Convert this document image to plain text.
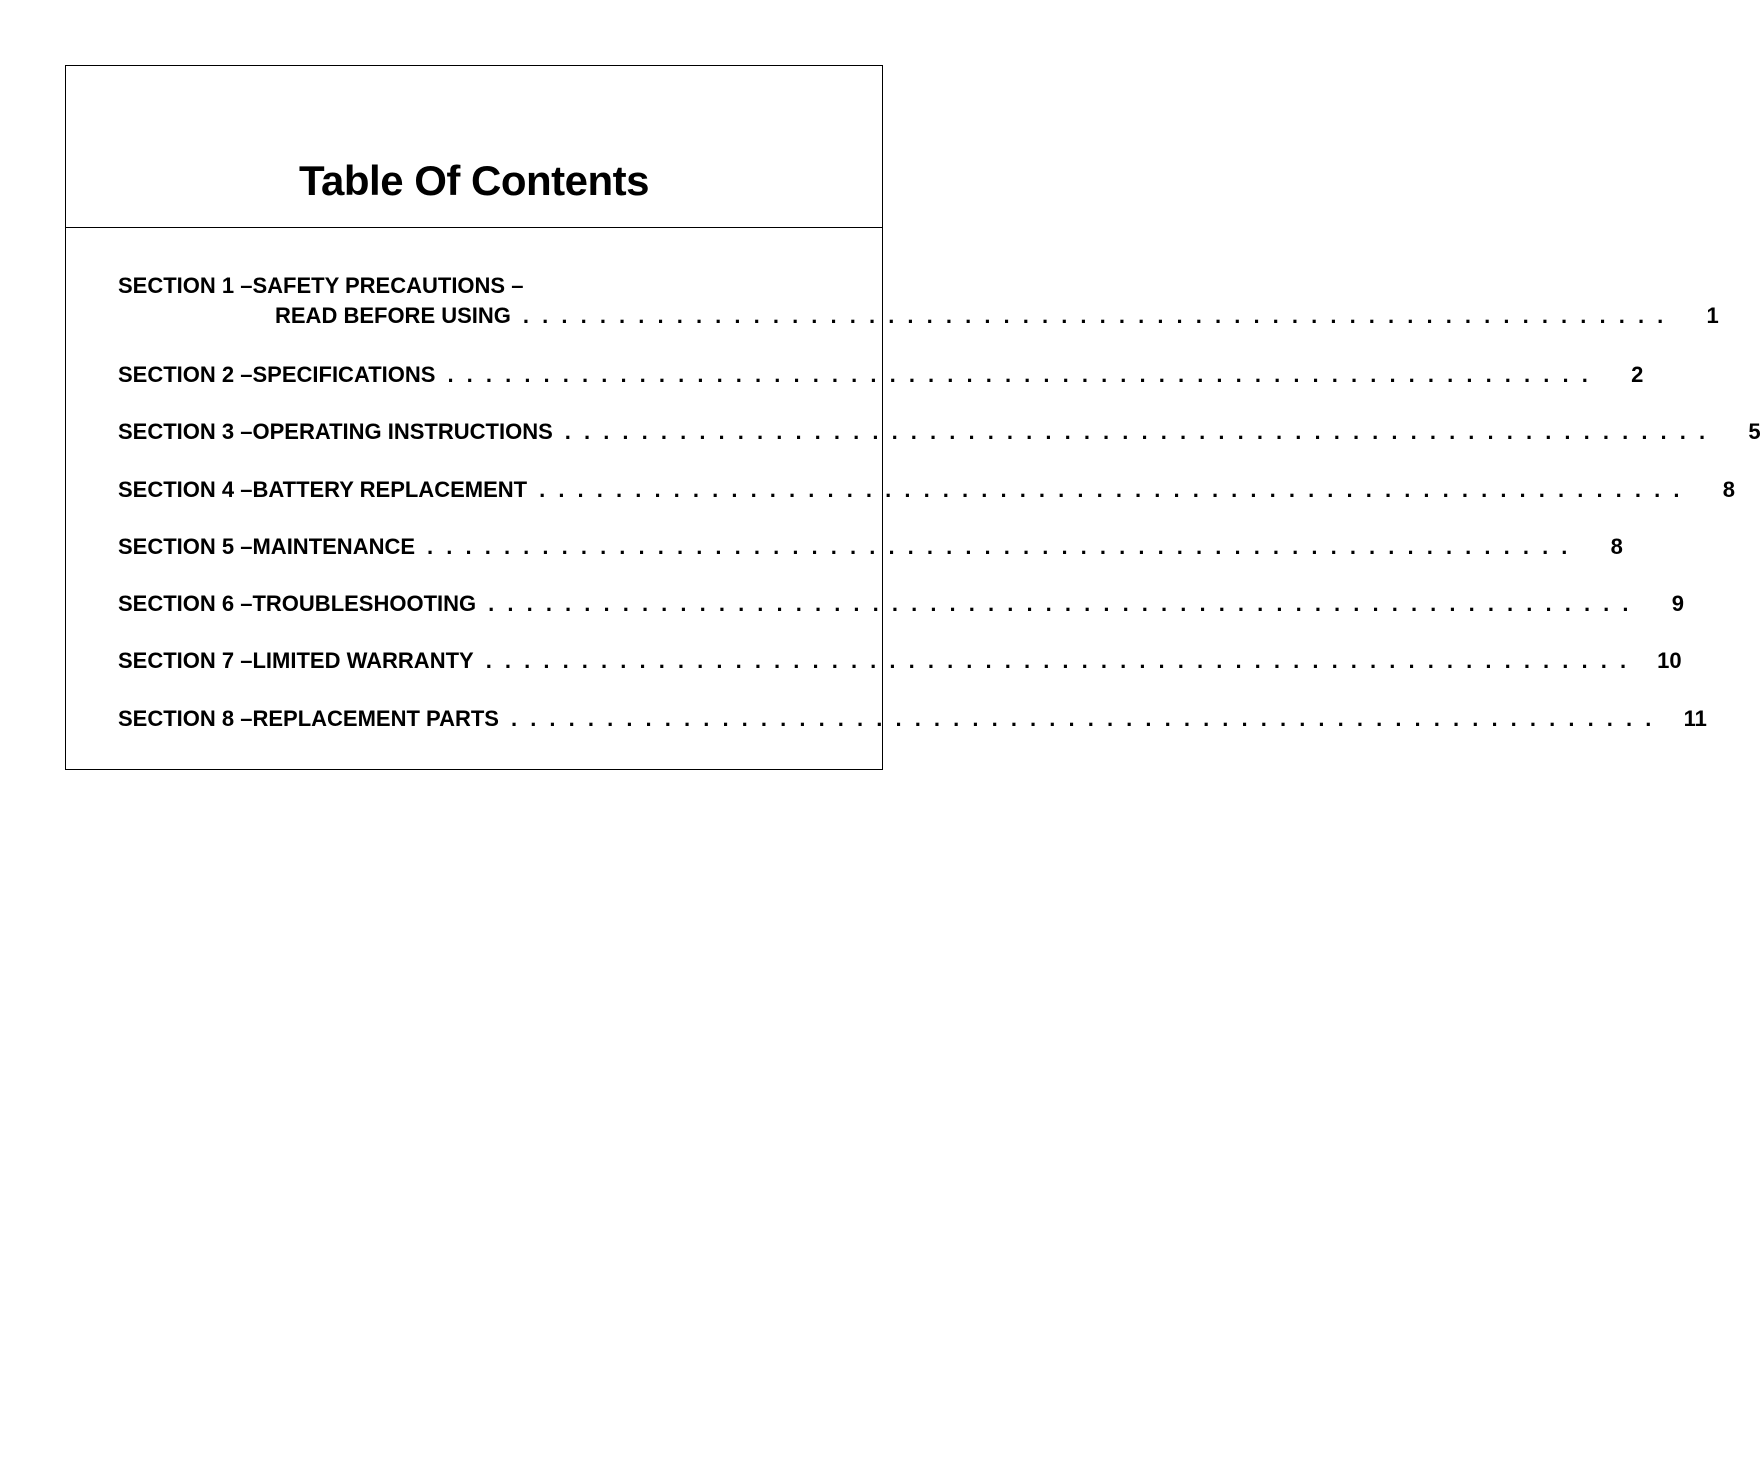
Table Of Contents
SECTION 1 – SAFETY PRECAUTIONS –
READ BEFORE USING . . . . . . . . . . . . . . . . . . . . . . . . . . . . . . . . . . . . . . . . . . . . . . . . . . . . . . . . . . . .	1
SECTION 2 – SPECIFICATIONS . . . . . . . . . . . . . . . . . . . . . . . . . . . . . . . . . . . . . . . . . . . . . . . . . . . . . . . . . . . .	2
SECTION 3 – OPERATING INSTRUCTIONS . . . . . . . . . . . . . . . . . . . . . . . . . . . . . . . . . . . . . . . . . . . . . . . . . . . . . . . . . . . .	5
SECTION 4 – BATTERY REPLACEMENT . . . . . . . . . . . . . . . . . . . . . . . . . . . . . . . . . . . . . . . . . . . . . . . . . . . . . . . . . . . .	8
SECTION 5 – MAINTENANCE . . . . . . . . . . . . . . . . . . . . . . . . . . . . . . . . . . . . . . . . . . . . . . . . . . . . . . . . . . . .	8
SECTION 6 – TROUBLESHOOTING . . . . . . . . . . . . . . . . . . . . . . . . . . . . . . . . . . . . . . . . . . . . . . . . . . . . . . . . . . . .	9
SECTION 7 – LIMITED WARRANTY . . . . . . . . . . . . . . . . . . . . . . . . . . . . . . . . . . . . . . . . . . . . . . . . . . . . . . . . . . . .	10
SECTION 8 – REPLACEMENT PARTS . . . . . . . . . . . . . . . . . . . . . . . . . . . . . . . . . . . . . . . . . . . . . . . . . . . . . . . . . . . .	11
